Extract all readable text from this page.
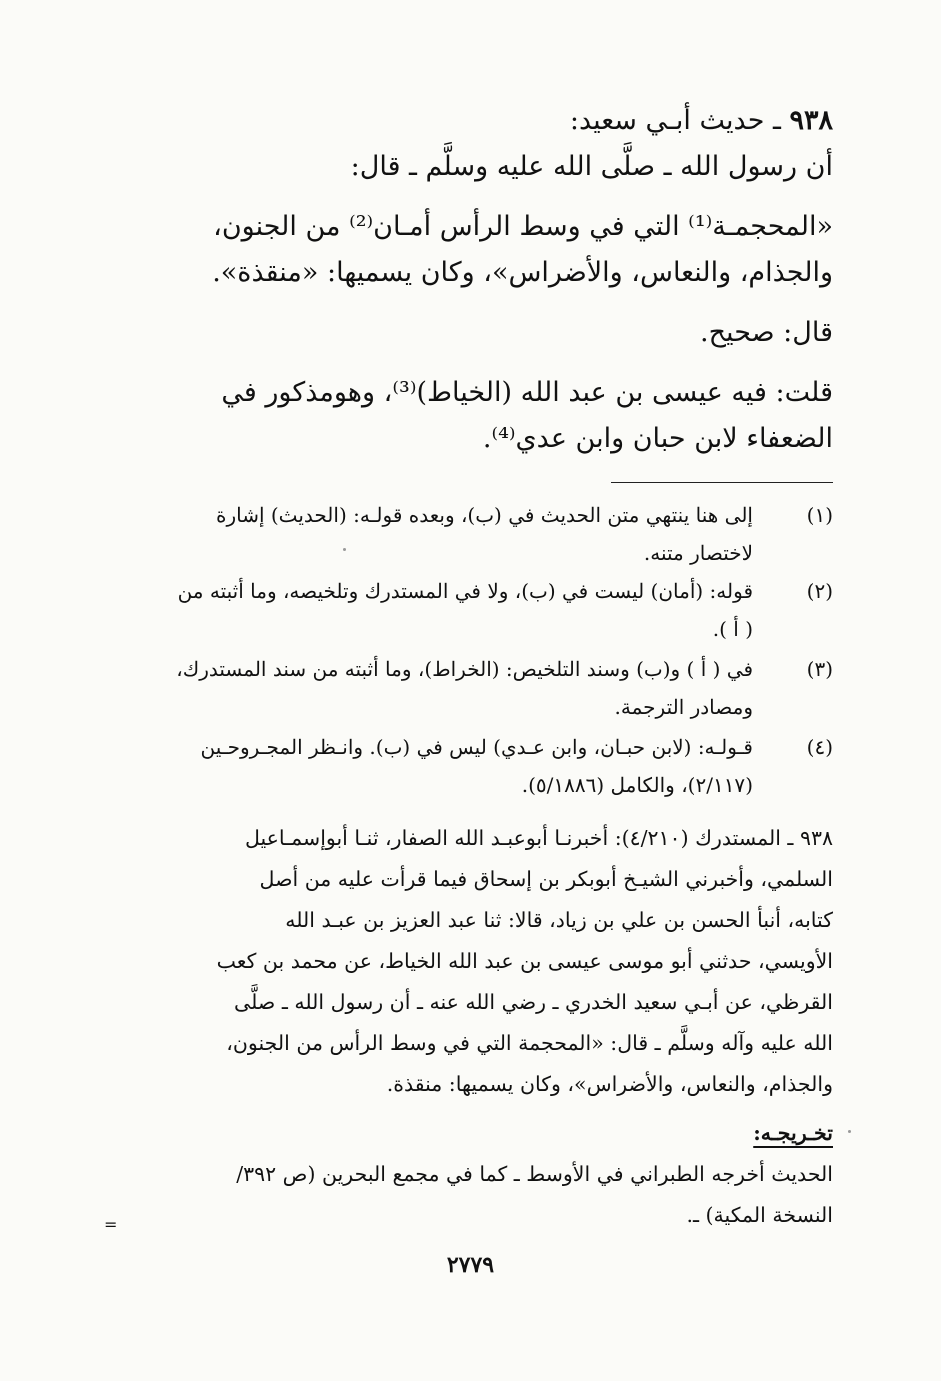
٩٣٨ ـ حديث أبـي سعيد:
أن رسول الله ـ صلَّى الله عليه وسلَّم ـ قال:
«المحجمـة⁽¹⁾ التي في وسط الرأس أمـان⁽²⁾ من الجنون،
والجذام، والنعاس، والأضراس»، وكان يسميها: «منقذة».
قال: صحيح.
قلت: فيه عيسى بن عبد الله (الخياط)⁽³⁾، وهومذكور في
الضعفاء لابن حبان وابن عدي⁽⁴⁾.
(١)
إلى هنا ينتهي متن الحديث في (ب)، وبعده قولـه: (الحديث) إشارة
لاختصار متنه.
(٢)
قوله: (أمان) ليست في (ب)، ولا في المستدرك وتلخيصه، وما أثبته من
( أ ).
(٣)
في ( أ ) و(ب) وسند التلخيص: (الخراط)، وما أثبته من سند المستدرك،
ومصادر الترجمة.
(٤)
قـولـه: (لابن حبـان، وابن عـدي) ليس في (ب). وانـظر المجـروحـين
(٢/١١٧)، والكامل (٥/١٨٨٦).
٩٣٨ ـ المستدرك (٤/٢١٠): أخبرنـا أبوعبـد الله الصفار، ثنـا أبوإسمـاعيل
السلمي، وأخبرني الشيـخ أبوبكر بن إسحاق فيما قرأت عليه من أصل
كتابه، أنبأ الحسن بن علي بن زياد، قالا: ثنا عبد العزيز بن عبـد الله
الأويسي، حدثني أبو موسى عيسى بن عبد الله الخياط، عن محمد بن كعب
القرظي، عن أبـي سعيد الخدري ـ رضي الله عنه ـ أن رسول الله ـ صلَّى
الله عليه وآله وسلَّم ـ قال: «المحجمة التي في وسط الرأس من الجنون،
والجذام، والنعاس، والأضراس»، وكان يسميها: منقذة.
تخـريجـه:
الحديث أخرجه الطبراني في الأوسط ـ كما في مجمع البحرين (ص ٣٩٢/
النسخة المكية) ـ.
=
٢٧٧٩
